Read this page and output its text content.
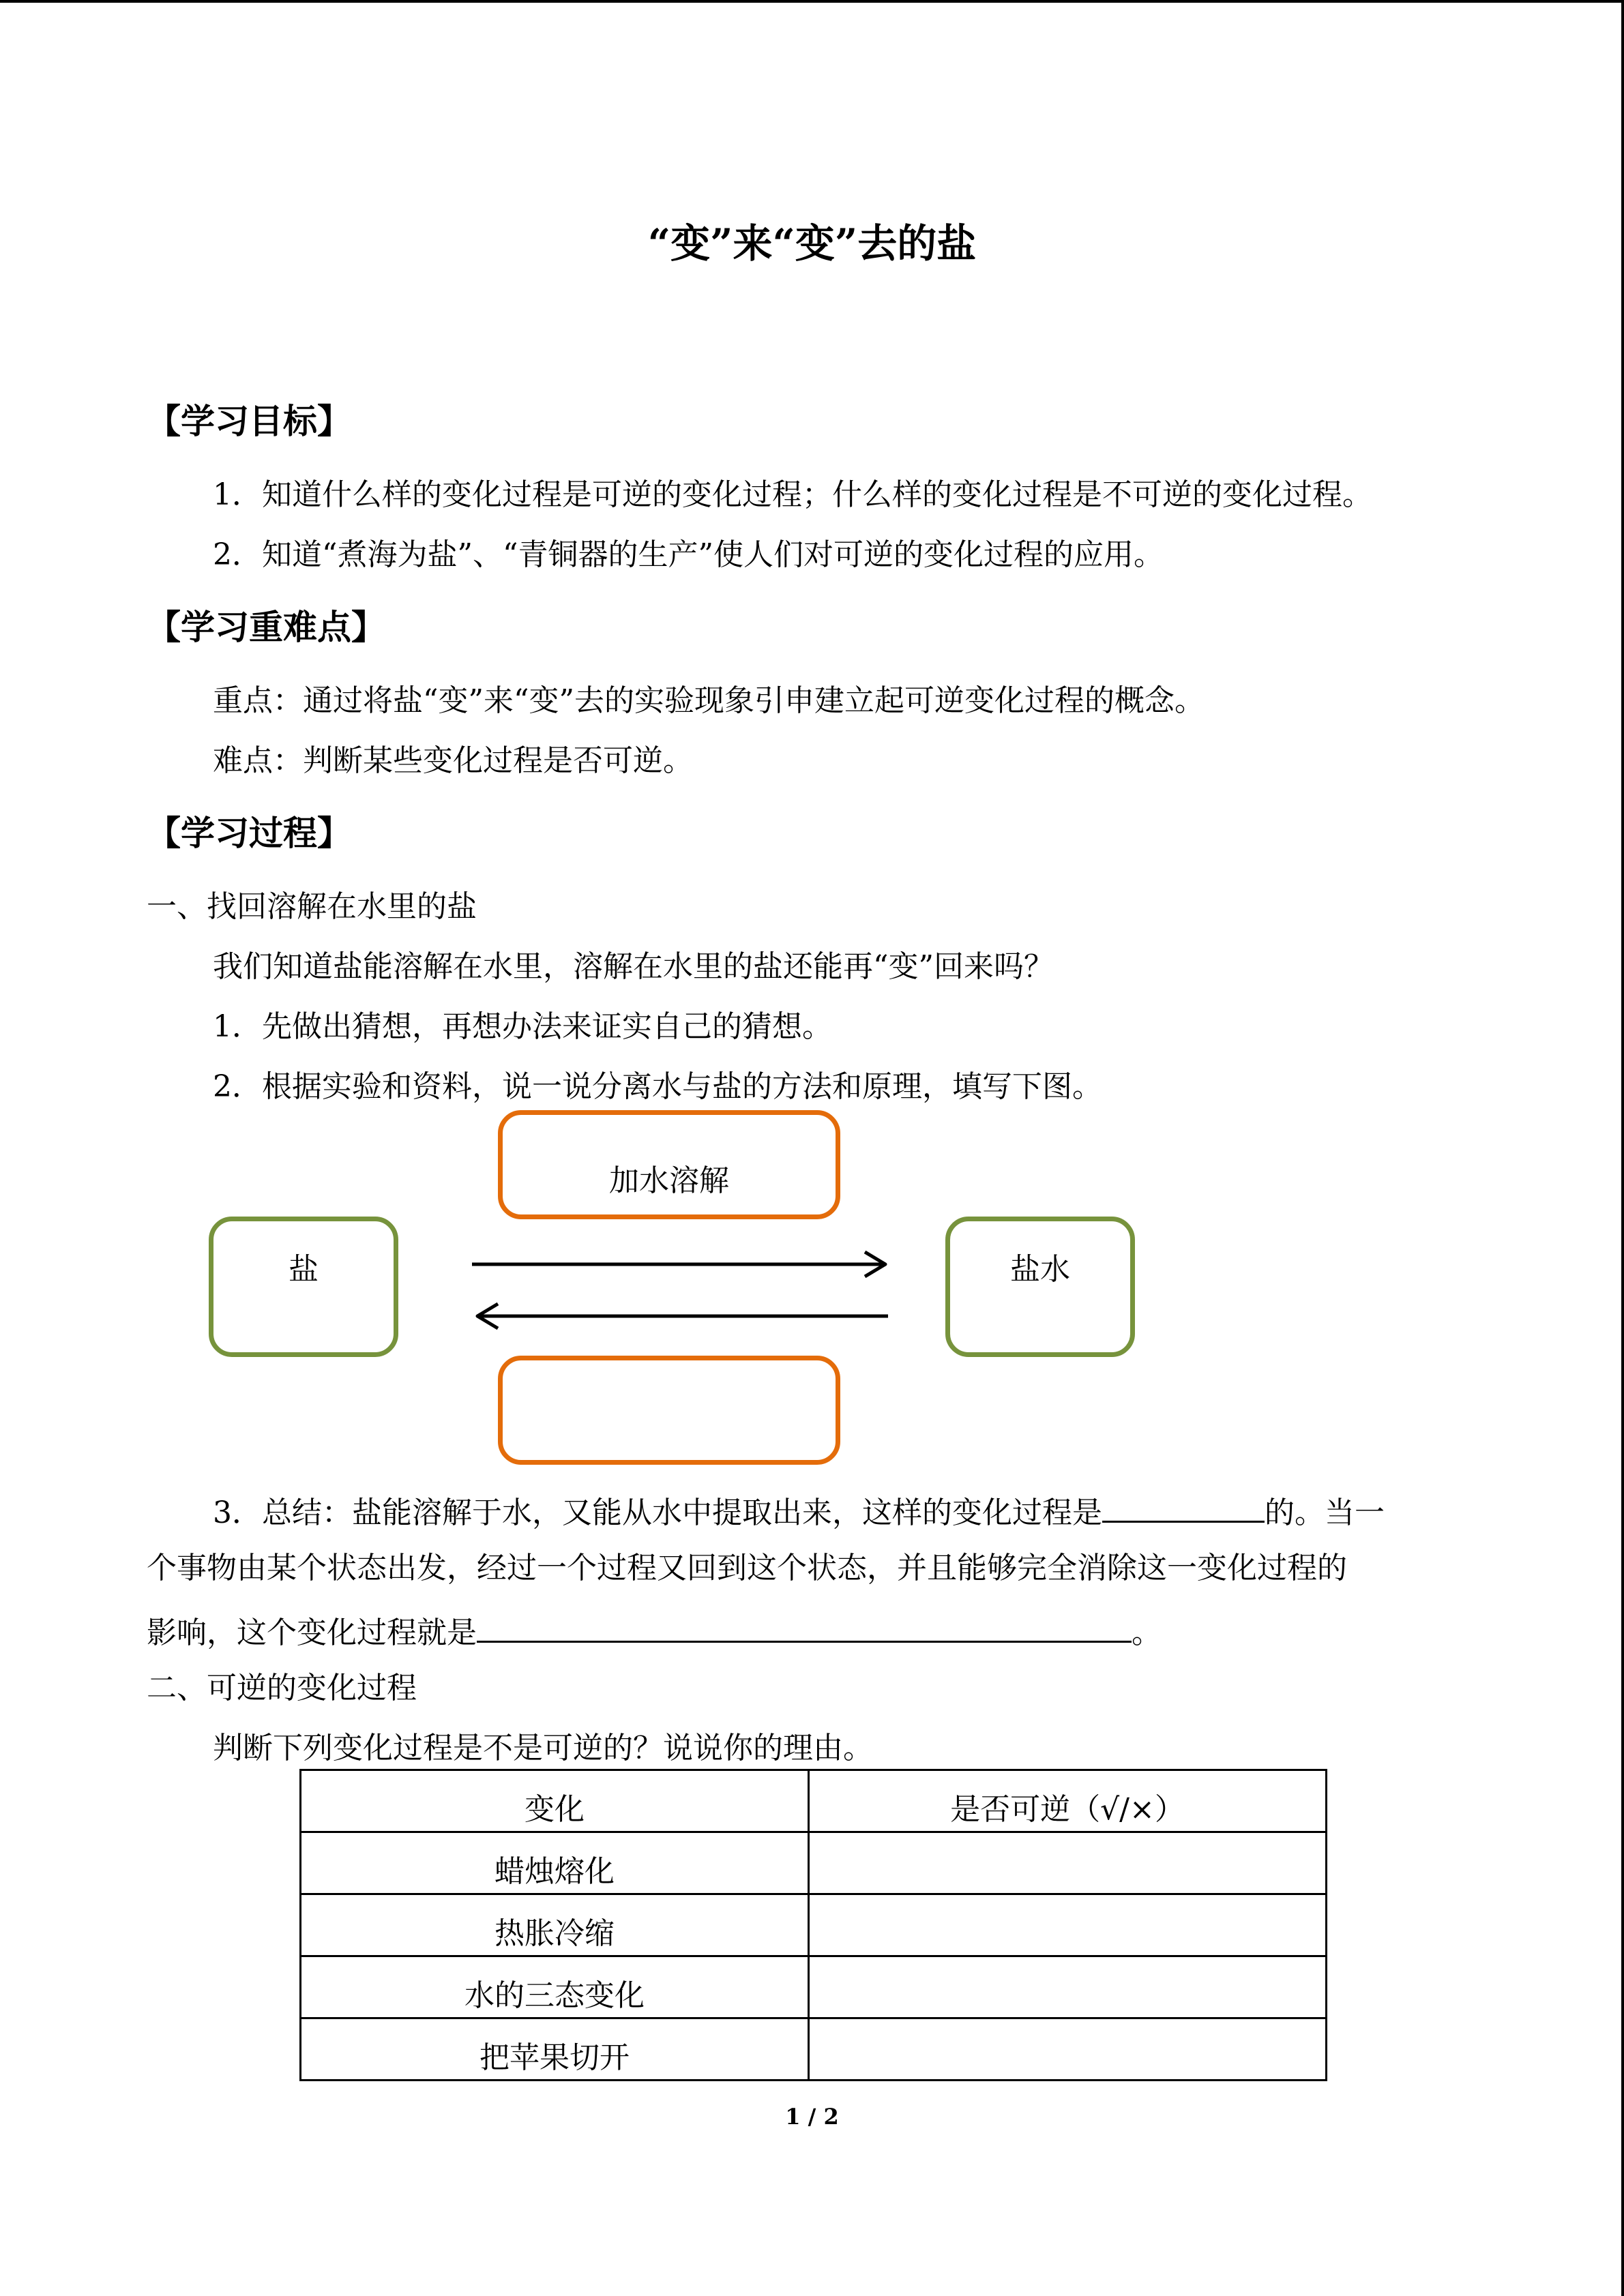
“变”来“变”去的盐
【学习目标】
1．知道什么样的变化过程是可逆的变化过程；什么样的变化过程是不可逆的变化过程。
2．知道“煮海为盐”、“青铜器的生产”使人们对可逆的变化过程的应用。
【学习重难点】
重点：通过将盐“变”来“变”去的实验现象引申建立起可逆变化过程的概念。
难点：判断某些变化过程是否可逆。
【学习过程】
一、找回溶解在水里的盐
我们知道盐能溶解在水里，溶解在水里的盐还能再“变”回来吗？
1．先做出猜想，再想办法来证实自己的猜想。
2．根据实验和资料，说一说分离水与盐的方法和原理，填写下图。
加水溶解
盐	盐水
3．总结：盐能溶解于水，又能从水中提取出来，这样的变化过程是	的。当一
个事物由某个状态出发，经过一个过程又回到这个状态，并且能够完全消除这一变化过程的
影响，这个变化过程就是	。
二、可逆的变化过程
判断下列变化过程是不是可逆的？说说你的理由。
变化	是否可逆（√/×）
蜡烛熔化	
热胀冷缩	
水的三态变化	
把苹果切开	
1 / 2
